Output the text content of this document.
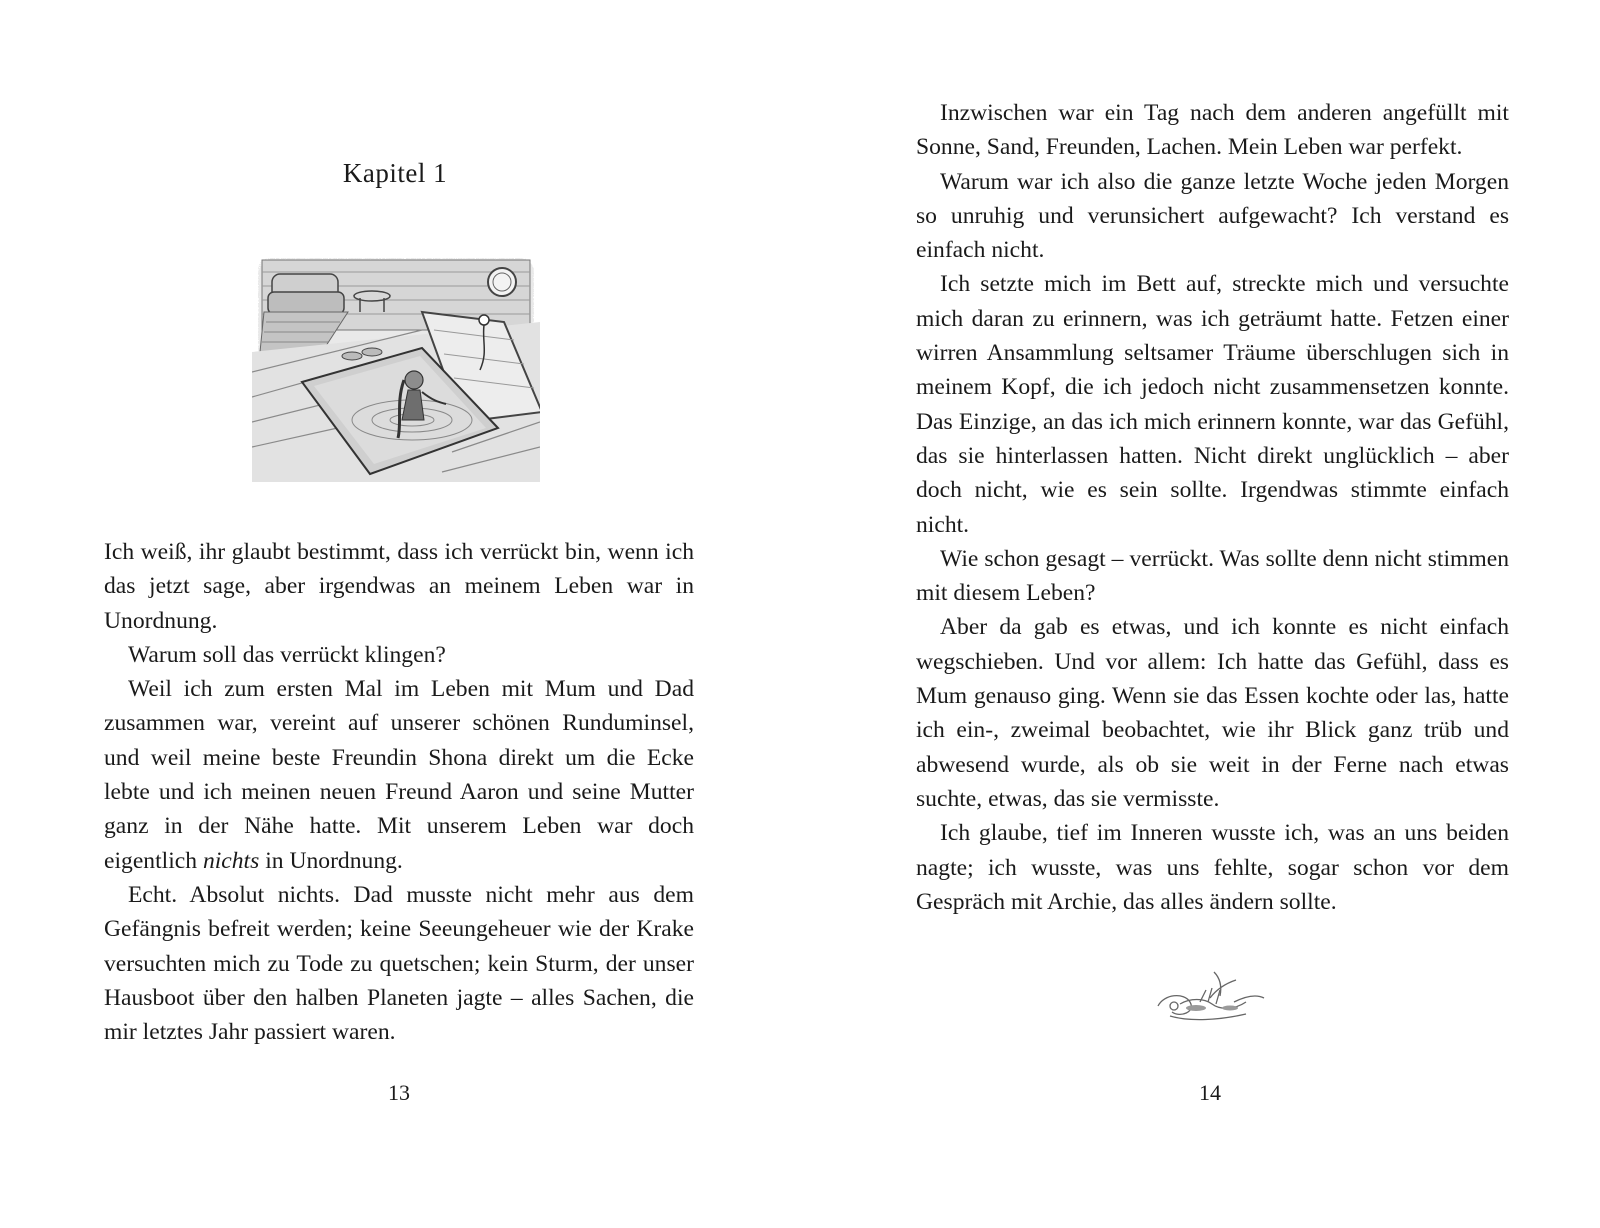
Kapitel 1

Ich weiß, ihr glaubt bestimmt, dass ich verrückt bin, wenn ich das jetzt sage, aber irgendwas an meinem Leben war in Unordnung.

Warum soll das verrückt klingen?

Weil ich zum ersten Mal im Leben mit Mum und Dad zusammen war, vereint auf unserer schönen Runduminsel, und weil meine beste Freundin Shona direkt um die Ecke lebte und ich meinen neuen Freund Aaron und seine Mutter ganz in der Nähe hatte. Mit unserem Leben war doch eigentlich nichts in Unordnung.

Echt. Absolut nichts. Dad musste nicht mehr aus dem Gefängnis befreit werden; keine Seeungeheuer wie der Krake versuchten mich zu Tode zu quetschen; kein Sturm, der unser Hausboot über den halben Planeten jagte – alles Sachen, die mir letztes Jahr passiert waren.

13

Inzwischen war ein Tag nach dem anderen angefüllt mit Sonne, Sand, Freunden, Lachen. Mein Leben war perfekt.

Warum war ich also die ganze letzte Woche jeden Morgen so unruhig und verunsichert aufgewacht? Ich verstand es einfach nicht.

Ich setzte mich im Bett auf, streckte mich und versuchte mich daran zu erinnern, was ich geträumt hatte. Fetzen einer wirren Ansammlung seltsamer Träume überschlugen sich in meinem Kopf, die ich jedoch nicht zusammensetzen konnte. Das Einzige, an das ich mich erinnern konnte, war das Gefühl, das sie hinterlassen hatten. Nicht direkt unglücklich – aber doch nicht, wie es sein sollte. Irgendwas stimmte einfach nicht.

Wie schon gesagt – verrückt. Was sollte denn nicht stimmen mit diesem Leben?

Aber da gab es etwas, und ich konnte es nicht einfach wegschieben. Und vor allem: Ich hatte das Gefühl, dass es Mum genauso ging. Wenn sie das Essen kochte oder las, hatte ich ein-, zweimal beobachtet, wie ihr Blick ganz trüb und abwesend wurde, als ob sie weit in der Ferne nach etwas suchte, etwas, das sie vermisste.

Ich glaube, tief im Inneren wusste ich, was an uns beiden nagte; ich wusste, was uns fehlte, sogar schon vor dem Gespräch mit Archie, das alles ändern sollte.

14
